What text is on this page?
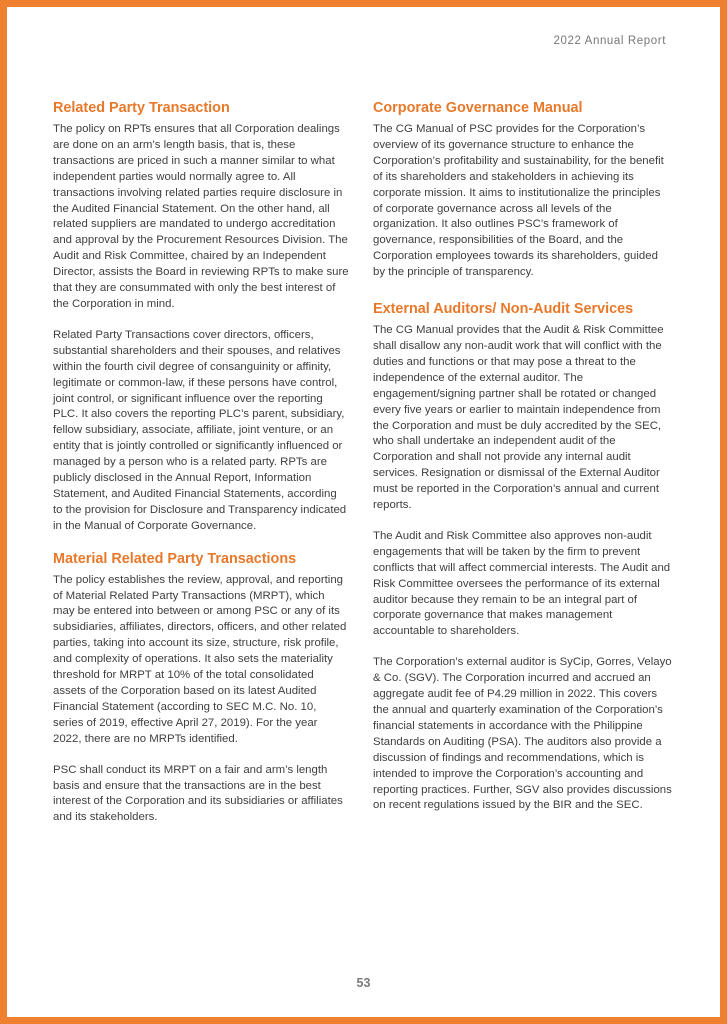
2022 Annual Report
Related Party Transaction

The policy on RPTs ensures that all Corporation dealings are done on an arm’s length basis, that is, these transactions are priced in such a manner similar to what independent parties would normally agree to. All transactions involving related parties require disclosure in the Audited Financial Statement. On the other hand, all related suppliers are mandated to undergo accreditation and approval by the Procurement Resources Division. The Audit and Risk Committee, chaired by an Independent Director, assists the Board in reviewing RPTs to make sure that they are consummated with only the best interest of the Corporation in mind.

Related Party Transactions cover directors, officers, substantial shareholders and their spouses, and relatives within the fourth civil degree of consanguinity or affinity, legitimate or common-law, if these persons have control, joint control, or significant influence over the reporting PLC. It also covers the reporting PLC’s parent, subsidiary, fellow subsidiary, associate, affiliate, joint venture, or an entity that is jointly controlled or significantly influenced or managed by a person who is a related party. RPTs are publicly disclosed in the Annual Report, Information Statement, and Audited Financial Statements, according to the provision for Disclosure and Transparency indicated in the Manual of Corporate Governance.

Material Related Party Transactions

The policy establishes the review, approval, and reporting of Material Related Party Transactions (MRPT), which may be entered into between or among PSC or any of its subsidiaries, affiliates, directors, officers, and other related parties, taking into account its size, structure, risk profile, and complexity of operations. It also sets the materiality threshold for MRPT at 10% of the total consolidated assets of the Corporation based on its latest Audited Financial Statement (according to SEC M.C. No. 10, series of 2019, effective April 27, 2019). For the year 2022, there are no MRPTs identified.

PSC shall conduct its MRPT on a fair and arm’s length basis and ensure that the transactions are in the best interest of the Corporation and its subsidiaries or affiliates and its stakeholders.

Corporate Governance Manual

The CG Manual of PSC provides for the Corporation’s overview of its governance structure to enhance the Corporation’s profitability and sustainability, for the benefit of its shareholders and stakeholders in achieving its corporate mission. It aims to institutionalize the principles of corporate governance across all levels of the organization. It also outlines PSC’s framework of governance, responsibilities of the Board, and the Corporation employees towards its shareholders, guided by the principle of transparency.

External Auditors/ Non-Audit Services

The CG Manual provides that the Audit & Risk Committee shall disallow any non-audit work that will conflict with the duties and functions or that may pose a threat to the independence of the external auditor. The engagement/signing partner shall be rotated or changed every five years or earlier to maintain independence from the Corporation and must be duly accredited by the SEC, who shall undertake an independent audit of the Corporation and shall not provide any internal audit services. Resignation or dismissal of the External Auditor must be reported in the Corporation’s annual and current reports.

The Audit and Risk Committee also approves non-audit engagements that will be taken by the firm to prevent conflicts that will affect commercial interests. The Audit and Risk Committee oversees the performance of its external auditor because they remain to be an integral part of corporate governance that makes management accountable to shareholders.

The Corporation’s external auditor is SyCip, Gorres, Velayo & Co. (SGV). The Corporation incurred and accrued an aggregate audit fee of P4.29 million in 2022. This covers the annual and quarterly examination of the Corporation’s financial statements in accordance with the Philippine Standards on Auditing (PSA). The auditors also provide a discussion of findings and recommendations, which is intended to improve the Corporation’s accounting and reporting practices. Further, SGV also provides discussions on recent regulations issued by the BIR and the SEC.

53
